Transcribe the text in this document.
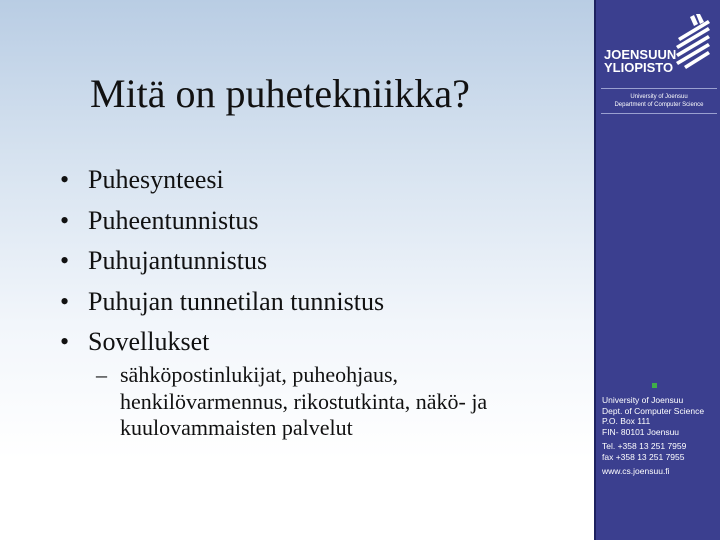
Mitä on puhetekniikka?
• Puhesynteesi
• Puheentunnistus
• Puhujantunnistus
• Puhujan tunnetilan tunnistus
• Sovellukset
– sähköpostinlukijat, puheohjaus, henkilövarmennus, rikostutkinta, näkö- ja kuulovammaisten palvelut
JOENSUUN
YLIOPISTO
University of Joensuu
Department of Computer Science
University of Joensuu
Dept. of Computer Science
P.O. Box 111
FIN- 80101 Joensuu
Tel. +358 13 251 7959
fax +358 13 251 7955
www.cs.joensuu.fi
